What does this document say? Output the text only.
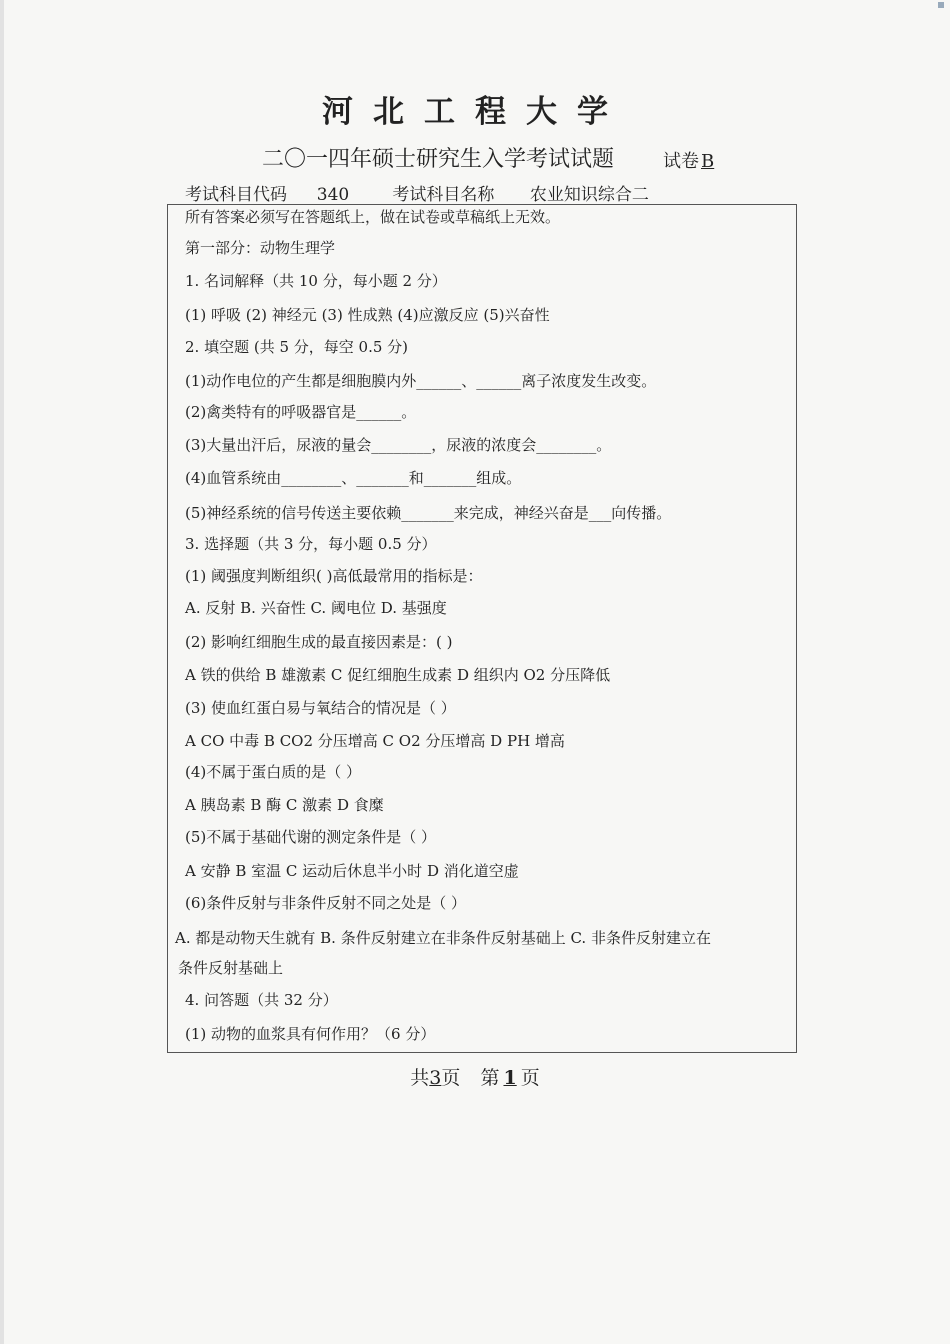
河北工程大学
二〇一四年硕士研究生入学考试试题	试卷 B
考试科目代码 340	考试科目名称 农业知识综合二
所有答案必须写在答题纸上，做在试卷或草稿纸上无效。
第一部分：动物生理学
1. 名词解释（共 10 分，每小题 2 分）
(1) 呼吸 (2) 神经元 (3) 性成熟 (4)应激反应 (5)兴奋性
2. 填空题 (共 5 分，每空 0.5 分)
(1)动作电位的产生都是细胞膜内外______、______离子浓度发生改变。
(2)禽类特有的呼吸器官是______。
(3)大量出汗后，尿液的量会________，尿液的浓度会________。
(4)血管系统由________、_______和_______组成。
(5)神经系统的信号传送主要依赖_______来完成，神经兴奋是___向传播。
3. 选择题（共 3 分，每小题 0.5 分）
(1) 阈强度判断组织( )高低最常用的指标是：
A. 反射 B. 兴奋性 C. 阈电位 D. 基强度
(2) 影响红细胞生成的最直接因素是：( )
A 铁的供给 B 雄激素 C 促红细胞生成素 D 组织内 O2 分压降低
(3) 使血红蛋白易与氧结合的情况是（ ）
A CO 中毒 B CO2 分压增高 C O2 分压增高 D PH 增高
(4)不属于蛋白质的是（ ）
A 胰岛素 B 酶 C 激素 D 食糜
(5)不属于基础代谢的测定条件是（ ）
A 安静 B 室温 C 运动后休息半小时 D 消化道空虚
(6)条件反射与非条件反射不同之处是（ ）
A. 都是动物天生就有 B. 条件反射建立在非条件反射基础上 C. 非条件反射建立在
条件反射基础上
4. 问答题（共 32 分）
(1) 动物的血浆具有何作用？（6 分）
共3页 第 1 页
